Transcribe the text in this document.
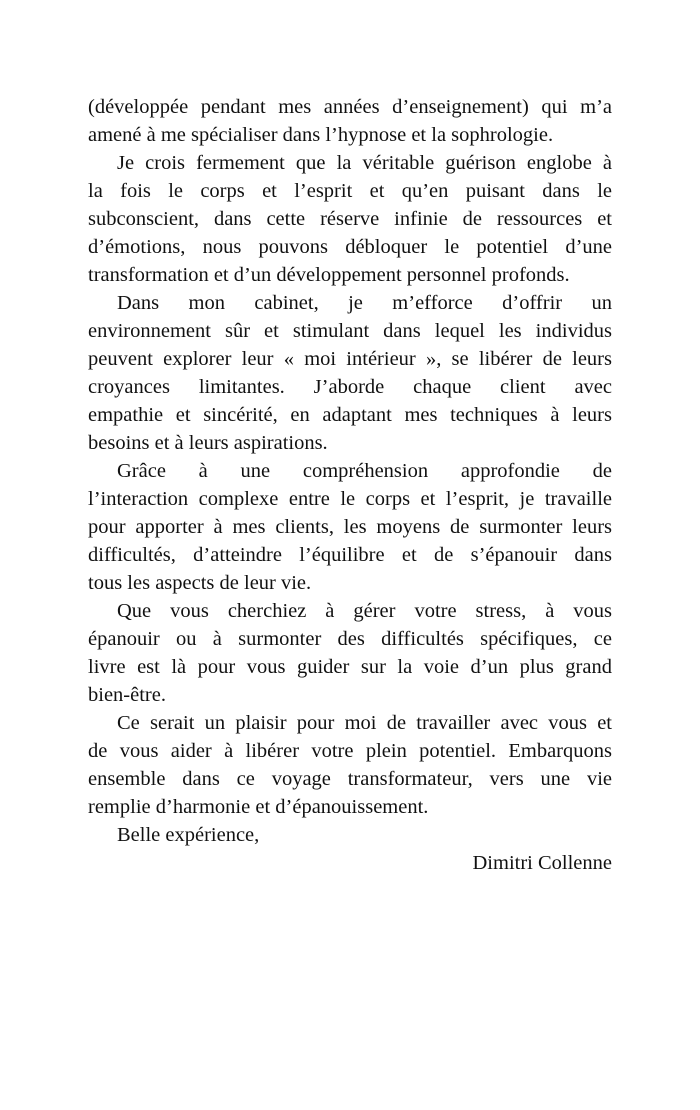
(développée pendant mes années d’enseignement) qui m’a
amené à me spécialiser dans l’hypnose et la sophrologie.
Je crois fermement que la véritable guérison englobe à
la fois le corps et l’esprit et qu’en puisant dans le
subconscient, dans cette réserve infinie de ressources et
d’émotions, nous pouvons débloquer le potentiel d’une
transformation et d’un développement personnel profonds.
Dans mon cabinet, je m’efforce d’offrir un
environnement sûr et stimulant dans lequel les individus
peuvent explorer leur « moi intérieur », se libérer de leurs
croyances limitantes. J’aborde chaque client avec
empathie et sincérité, en adaptant mes techniques à leurs
besoins et à leurs aspirations.
Grâce à une compréhension approfondie de
l’interaction complexe entre le corps et l’esprit, je travaille
pour apporter à mes clients, les moyens de surmonter leurs
difficultés, d’atteindre l’équilibre et de s’épanouir dans
tous les aspects de leur vie.
Que vous cherchiez à gérer votre stress, à vous
épanouir ou à surmonter des difficultés spécifiques, ce
livre est là pour vous guider sur la voie d’un plus grand
bien-être.
Ce serait un plaisir pour moi de travailler avec vous et
de vous aider à libérer votre plein potentiel. Embarquons
ensemble dans ce voyage transformateur, vers une vie
remplie d’harmonie et d’épanouissement.
Belle expérience,
Dimitri Collenne
